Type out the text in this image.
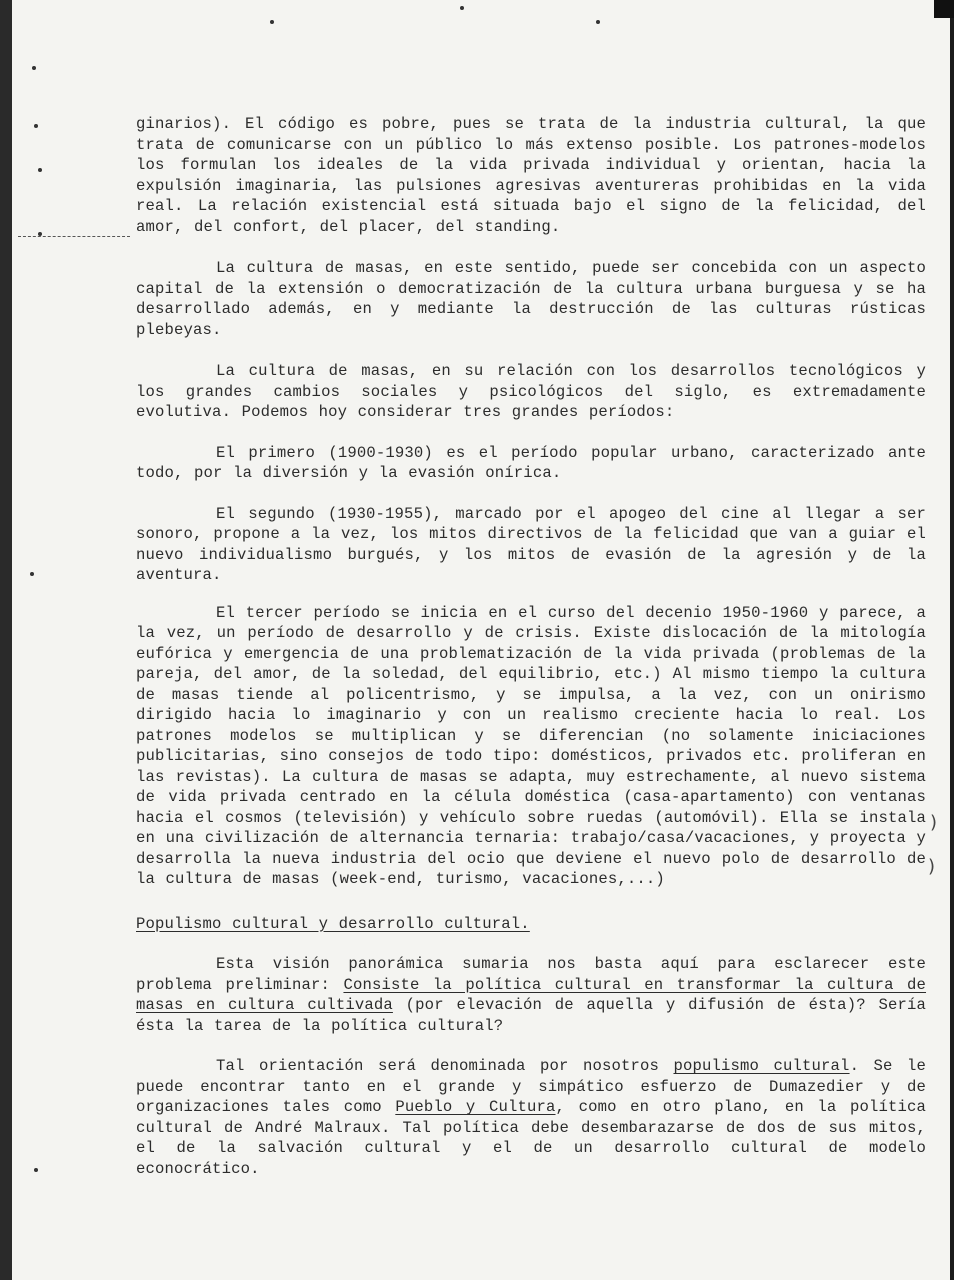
)
)

ginarios). El código es pobre, pues se trata de la industria cultural, la que trata de comunicarse con un público lo más extenso posible. Los patrones-modelos los formulan los ideales de la vida privada individual y orientan, hacia la expulsión imaginaria, las pulsiones agresivas aventureras prohibidas en la vida real. La relación existencial está situada bajo el signo de la felicidad, del amor, del confort, del placer, del standing.

La cultura de masas, en este sentido, puede ser concebida con un aspecto capital de la extensión o democratización de la cultura urbana burguesa y se ha desarrollado además, en y mediante la destrucción de las culturas rústicas plebeyas.

La cultura de masas, en su relación con los desarrollos tecnológicos y los grandes cambios sociales y psicológicos del siglo, es extremadamente evolutiva. Podemos hoy considerar tres grandes períodos:

El primero (1900-1930) es el período popular urbano, caracterizado ante todo, por la diversión y la evasión onírica.

El segundo (1930-1955), marcado por el apogeo del cine al llegar a ser sonoro, propone a la vez, los mitos directivos de la felicidad que van a guiar el nuevo individualismo burgués, y los mitos de evasión de la agresión y de la aventura.

El tercer período se inicia en el curso del decenio 1950-1960 y parece, a la vez, un período de desarrollo y de crisis. Existe dislocación de la mitología eufórica y emergencia de una problematización de la vida privada (problemas de la pareja, del amor, de la soledad, del equilibrio, etc.) Al mismo tiempo la cultura de masas tiende al policentrismo, y se impulsa, a la vez, con un onirismo dirigido hacia lo imaginario y con un realismo creciente hacia lo real. Los patrones modelos se multiplican y se diferencian (no solamente iniciaciones publicitarias, sino consejos de todo tipo: domésticos, privados etc. proliferan en las revistas). La cultura de masas se adapta, muy estrechamente, al nuevo sistema de vida privada centrado en la célula doméstica (casa-apartamento) con ventanas hacia el cosmos (televisión) y vehículo sobre ruedas (automóvil). Ella se instala en una civilización de alternancia ternaria: trabajo/casa/vacaciones, y proyecta y desarrolla la nueva industria del ocio que deviene el nuevo polo de desarrollo de la cultura de masas (week-end, turismo, vacaciones,...)

Populismo cultural y desarrollo cultural.

Esta visión panorámica sumaria nos basta aquí para esclarecer este problema preliminar: Consiste la política cultural en transformar la cultura de masas en cultura cultivada (por elevación de aquella y difusión de ésta)? Sería ésta la tarea de la política cultural?

Tal orientación será denominada por nosotros populismo cultural. Se le puede encontrar tanto en el grande y simpático esfuerzo de Dumazedier y de organizaciones tales como Pueblo y Cultura, como en otro plano, en la política cultural de André Malraux. Tal política debe desembarazarse de dos de sus mitos, el de la salvación cultural y el de un desarrollo cultural de modelo econocrático.
